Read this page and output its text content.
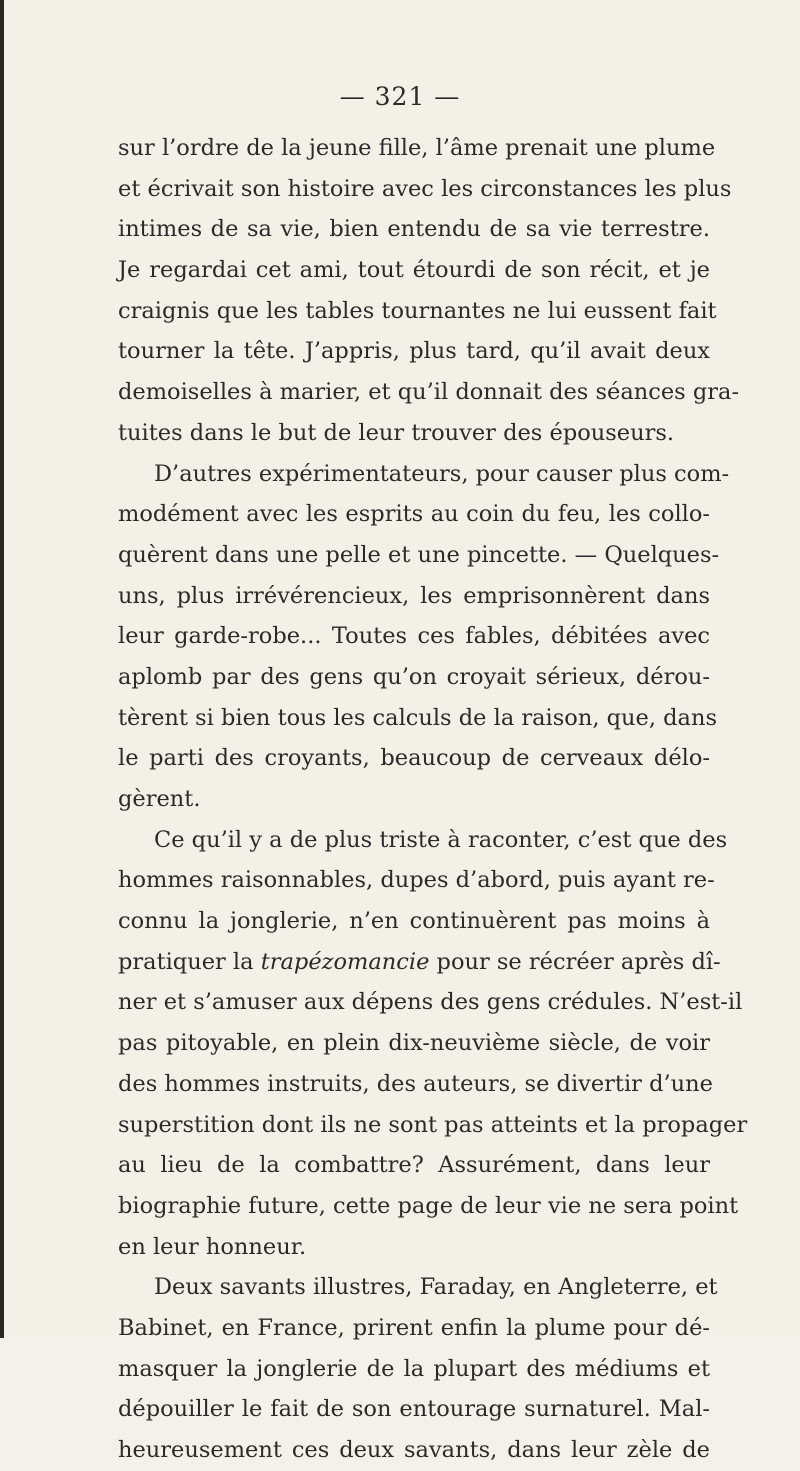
— 321 —
sur l’ordre de la jeune fille, l’âme prenait une plume
et écrivait son histoire avec les circonstances les plus
intimes de sa vie, bien entendu de sa vie terrestre.
Je regardai cet ami, tout étourdi de son récit, et je
craignis que les tables tournantes ne lui eussent fait
tourner la tête. J’appris, plus tard, qu’il avait deux
demoiselles à marier, et qu’il donnait des séances gra-
tuites dans le but de leur trouver des épouseurs.
D’autres expérimentateurs, pour causer plus com-
modément avec les esprits au coin du feu, les collo-
quèrent dans une pelle et une pincette. — Quelques-
uns, plus irrévérencieux, les emprisonnèrent dans
leur garde-robe... Toutes ces fables, débitées avec
aplomb par des gens qu’on croyait sérieux, dérou-
tèrent si bien tous les calculs de la raison, que, dans
le parti des croyants, beaucoup de cerveaux délo-
gèrent.
Ce qu’il y a de plus triste à raconter, c’est que des
hommes raisonnables, dupes d’abord, puis ayant re-
connu la jonglerie, n’en continuèrent pas moins à
pratiquer la trapézomancie pour se récréer après dî-
ner et s’amuser aux dépens des gens crédules. N’est-il
pas pitoyable, en plein dix-neuvième siècle, de voir
des hommes instruits, des auteurs, se divertir d’une
superstition dont ils ne sont pas atteints et la propager
au lieu de la combattre? Assurément, dans leur
biographie future, cette page de leur vie ne sera point
en leur honneur.
Deux savants illustres, Faraday, en Angleterre, et
Babinet, en France, prirent enfin la plume pour dé-
masquer la jonglerie de la plupart des médiums et
dépouiller le fait de son entourage surnaturel. Mal-
heureusement ces deux savants, dans leur zèle de
